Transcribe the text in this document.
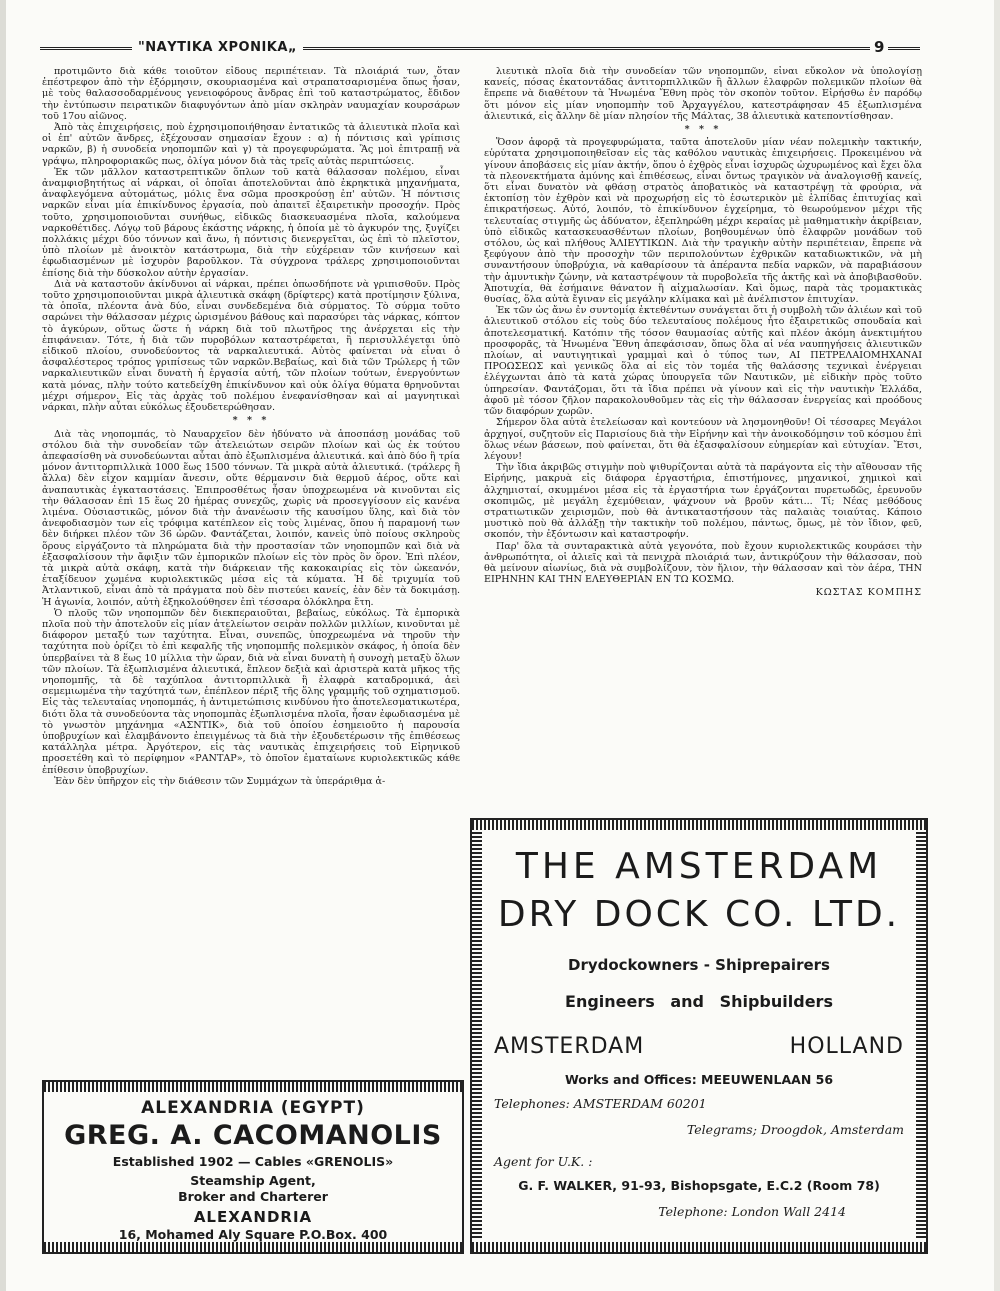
"ΝΑΥΤΙΚΑ ΧΡΟΝΙΚΑ„	9

προτιμῶντο διὰ κάθε τοιοῦτον εἶδους περιπέτειαν. Τὰ πλοιάριά των, ὅταν ἐπέστρεφον ἀπὸ τὴν ἐξόρμησιν, σκουριασμένα καὶ στραπατσαρισμένα ὅπως ἦσαν, μὲ τοὺς θαλασσοδαρμένους γενειοφόρους ἄνδρας ἐπὶ τοῦ καταστρώματος, ἔδιδον τὴν ἐντύπωσιν πειρατικῶν διαφυγόντων ἀπὸ μίαν σκληρὰν ναυμαχίαν κουρσάρων τοῦ 17ου αἰῶνος.

Ἀπὸ τὰς ἐπιχειρήσεις, ποὺ ἐχρησιμοποιήθησαν ἐντατικῶς τὰ ἁλιευτικὰ πλοῖα καὶ οἱ ἐπ' αὐτῶν ἄνδρες, ἐξέχουσαν σημασίαν ἔχουν : α) ἡ πόντισις καὶ γρίπισις ναρκῶν, β) ἡ συνοδεία νηοπομπῶν καὶ γ) τὰ προγεφυρώματα. Ἂς μοὶ ἐπιτραπῇ νὰ γράψω, πληροφοριακῶς πως, ὀλίγα μόνον διὰ τὰς τρεῖς αὐτὰς περιπτώσεις.

Ἐκ τῶν μᾶλλον καταστρεπτικῶν ὅπλων τοῦ κατὰ θάλασσαν πολέμου, εἶναι ἀναμφισβητήτως αἱ νάρκαι, οἱ ὁποῖαι ἀποτελοῦνται ἀπὸ ἐκρηκτικὰ μηχανήματα, ἀναφλεγόμενα αὐτομάτως, μόλις ἕνα σῶμα προσκρούσῃ ἐπ' αὐτῶν. Ἡ πόντισις ναρκῶν εἶναι μία ἐπικίνδυνος ἐργασία, ποὺ ἀπαιτεῖ ἐξαιρετικὴν προσοχήν. Πρὸς τοῦτο, χρησιμοποιοῦνται συνήθως, εἰδικῶς διασκευασμένα πλοῖα, καλούμενα ναρκοθέτιδες. Λόγῳ τοῦ βάρους ἑκάστης νάρκης, ἡ ὁποία μὲ τὸ ἀγκυρόν της, ξυγίζει πολλάκις μέχρι δύο τόννων καὶ ἄνω, ἡ πόντισις διενεργεῖται, ὡς ἐπὶ τὸ πλεῖστον, ὑπὸ πλοίων μὲ ἀνοικτὸν κατάστρωμα, διὰ τὴν εὐχέρειαν τῶν κινήσεων καὶ ἐφωδιασμένων μὲ ἰσχυρὸν βαροῦλκον. Τὰ σύγχρονα τράλερς χρησιμοποιοῦνται ἐπίσης διὰ τὴν δύσκολον αὐτὴν ἐργασίαν.

Διὰ νὰ καταστοῦν ἀκίνδυνοι αἱ νάρκαι, πρέπει ὁπωσδήποτε νὰ γριπισθοῦν. Πρὸς τοῦτο χρησιμοποιοῦνται μικρὰ ἁλιευτικὰ σκάφη (δρίφτερς) κατὰ προτίμησιν ξύλινα, τὰ ὁποῖα, πλέοντα ἀνὰ δύο, εἶναι συνδεδεμένα διὰ σύρματος. Τὸ σύρμα τοῦτο σαρώνει τὴν θάλασσαν μέχρις ὡρισμένου βάθους καὶ παρασύρει τὰς νάρκας, κόπτον τὸ ἀγκύρων, οὕτως ὥστε ἡ νάρκη διὰ τοῦ πλωτῆρος της ἀνέρχεται εἰς τὴν ἐπιφάνειαν. Τότε, ἡ διὰ τῶν πυροβόλων καταστρέφεται, ἢ περισυλλέγεται ὑπὸ εἰδικοῦ πλοίου, συνοδεύοντος τὰ ναρκαλιευτικά. Αὐτὸς φαίνεται νὰ εἶναι ὁ ἀσφαλέστερος τρόπος γριπίσεως τῶν ναρκῶν.Βεβαίως, καὶ διὰ τῶν Τρώλερς ἡ τῶν ναρκαλιευτικῶν εἶναι δυνατὴ ἡ ἐργασία αὐτή, τῶν πλοίων τούτων, ἐνεργούντων κατὰ μόνας, πλὴν τούτο κατεδείχθη ἐπικίνδυνον καὶ οὐκ ὀλίγα θύματα θρηνοῦνται μέχρι σήμερον. Εἰς τὰς ἀρχὰς τοῦ πολέμου ἐνεφανίσθησαν καὶ αἱ μαγνητικαὶ νάρκαι, πλὴν αὗται εὐκόλως ἐξουδετερώθησαν.

* * *

Διὰ τὰς νηοπομπάς, τὸ Ναυαρχεῖον δὲν ἠδύνατο νὰ ἀποσπάσῃ μονάδας τοῦ στόλου διὰ τὴν συνοδείαν τῶν ἀτελειώτων σειρῶν πλοίων καὶ ὡς ἐκ τούτου ἀπεφασίσθη νὰ συνοδεύωνται αὗται ἀπὸ ἐξωπλισμένα ἁλιευτικά. καὶ ἀπὸ δύο ἢ τρία μόνον ἀντιτορπιλλικὰ 1000 ἕως 1500 τόννων. Τὰ μικρὰ αὐτὰ ἁλιευτικά. (τράλερς ἢ ἄλλα) δὲν εἶχον καμμίαν ἄνεσιν, οὔτε θέρμανσιν διὰ θερμοῦ ἀέρος, οὔτε καὶ ἀναπαυτικὰς ἐγκαταστάσεις. Ἐπιπροσθέτως ἦσαν ὑποχρεωμένα νὰ κινοῦνται εἰς τὴν θάλασσαν ἐπὶ 15 ἕως 20 ἡμέρας συνεχῶς, χωρὶς νὰ προσεγγίσουν εἰς κανένα λιμένα. Οὐσιαστικῶς, μόνον διὰ τὴν ἀνανέωσιν τῆς καυσίμου ὕλης, καὶ διὰ τὸν ἀνεφοδιασμὸν των εἰς τρόφιμα κατέπλεον εἰς τοὺς λιμένας, ὅπου ἡ παραμονή των δὲν διήρκει πλέον τῶν 36 ὡρῶν. Φαντάζεται, λοιπόν, κανεὶς ὑπὸ ποίους σκληροὺς ὅρους εἰργάζοντο τὰ πληρώματα διὰ τὴν προστασίαν τῶν νηοπομπῶν καὶ διὰ νὰ ἐξασφαλίσουν τὴν ἄφιξιν τῶν ἐμπορικῶν πλοίων εἰς τὸν πρὸς ὃν ὅρον. Ἐπὶ πλέον, τὰ μικρὰ αὐτὰ σκάφη, κατὰ τὴν διάρκειαν τῆς κακοκαιρίας εἰς τὸν ὠκεανόν, ἐταξίδευον χωμένα κυριολεκτικῶς μέσα εἰς τὰ κύματα. Ἡ δὲ τριχυμία τοῦ Ἀτλαντικοῦ, εἶναι ἀπὸ τὰ πράγματα ποὺ δὲν πιστεύει κανείς, ἐὰν δὲν τὰ δοκιμάσῃ. Ἡ ἀγωνία, λοιπόν, αὐτὴ ἐξηκολούθησεν ἐπὶ τέσσαρα ὁλόκληρα ἔτη.

Ὁ πλοῦς τῶν νηοπομπῶν δὲν διεκπεραιοῦται, βεβαίως, εὐκόλως. Τὰ ἐμπορικὰ πλοῖα ποὺ τὴν ἀποτελοῦν εἰς μίαν ἀτελείωτον σειρὰν πολλῶν μιλλίων, κινοῦνται μὲ διάφορον μεταξύ των ταχύτητα. Εἶναι, συνεπῶς, ὑποχρεωμένα νὰ τηροῦν τὴν ταχύτητα ποὺ ὁρίζει τὸ ἐπὶ κεφαλῆς τῆς νηοπομπῆς πολεμικὸν σκάφος, ἡ ὁποία δὲν ὑπερβαίνει τὰ 8 ἕως 10 μίλλια τὴν ὥραν, διὰ νὰ εἶναι δυνατὴ ἡ συνοχὴ μεταξὺ ὅλων τῶν πλοίων. Τὰ ἐξωπλισμένα ἁλιευτικά, ἔπλεον δεξιὰ καὶ ἀριστερὰ κατὰ μῆκος τῆς νηοπομπῆς, τὰ δὲ ταχύπλοα ἀντιτορπιλλικὰ ἢ ἐλαφρὰ καταδρομικά, ἀεὶ σεμεμιωμένα τὴν ταχύτητά των, ἐπέπλεον πέριξ τῆς ὅλης γραμμῆς τοῦ σχηματισμοῦ. Εἰς τὰς τελευταίας νηοπομπάς, ἡ ἀντιμετώπισις κινδύνου ἦτο ἀποτελεσματικωτέρα, διότι ὅλα τὰ συνοδεύοντα τὰς νηοπομπὰς ἐξωπλισμένα πλοῖα, ἦσαν ἐφωδιασμένα μὲ τὸ γνωστὸν μηχάνημα «ΑΣΝΤΙΚ», διὰ τοῦ ὁποίου ἐσημειοῦτο ἡ παρουσία ὑποβρυχίων καὶ ἐλαμβάνοντο ἐπειγμένως τὰ διὰ τὴν ἐξουδετέρωσιν τῆς ἐπιθέσεως κατάλληλα μέτρα. Ἀργότερον, εἰς τὰς ναυτικὰς ἐπιχειρήσεις τοῦ Εἰρηνικοῦ προσετέθη καὶ τὸ περίφημον «ΡΑΝΤΑΡ», τὸ ὁποῖον ἐματαίωνε κυριολεκτικῶς κάθε ἐπίθεσιν ὑποβρυχίων.

Ἐὰν δὲν ὑπῆρχον εἰς τὴν διάθεσιν τῶν Συμμάχων τὰ ὑπεράριθμα ἁ-

λιευτικὰ πλοῖα διὰ τὴν συνοδείαν τῶν νηοπομπῶν, εἶναι εὔκολον νὰ ὑπολογίσῃ κανείς, πόσας ἑκατοντάδας ἀντιτορπιλλικῶν ἢ ἄλλων ἐλαφρῶν πολεμικῶν πλοίων θὰ ἔπρεπε νὰ διαθέτουν τὰ Ἡνωμένα Ἔθνη πρὸς τὸν σκοπὸν τοῦτον. Εἰρήσθω ἐν παρόδῳ ὅτι μόνον εἰς μίαν νηοπομπὴν τοῦ Ἀρχαγγέλου, κατεστράφησαν 45 ἐξωπλισμένα ἁλιευτικά, εἰς ἄλλην δὲ μίαν πλησίον τῆς Μάλτας, 38 ἁλιευτικὰ κατεποντίσθησαν.

* * *

Ὅσον ἀφορᾷ τὰ προγεφυρώματα, ταῦτα ἀποτελοῦν μίαν νέαν πολεμικὴν τακτικήν, εὑρύτατα χρησιμοποιηθεῖσαν εἰς τὰς καθόλου ναυτικὰς ἐπιχειρήσεις. Προκειμένου νὰ γίνουν ἀποβάσεις εἰς μίαν ἀκτήν, ὅπου ὁ ἐχθρὸς εἶναι ἰσχυρῶς ὠχυρωμένος καὶ ἔχει ὅλα τὰ πλεονεκτήματα ἀμύνης καὶ ἐπιθέσεως, εἶναι ὄντως τραγικὸν νὰ ἀναλογισθῇ κανείς, ὅτι εἶναι δυνατὸν νὰ φθάσῃ στρατὸς ἀποβατικὸς νὰ καταστρέψῃ τὰ φρούρια, νὰ ἐκτοπίσῃ τὸν ἐχθρὸν καὶ νὰ προχωρήσῃ εἰς τὸ ἐσωτερικὸν μὲ ἐλπίδας ἐπιτυχίας καὶ ἐπικρατήσεως. Αὐτό, λοιπόν, τὸ ἐπικίνδυνον ἐγχείρημα, τὸ θεωρούμενον μέχρι τῆς τελευταίας στιγμῆς ὡς ἀδύνατον, ἐξεπληρώθη μέχρι κεραίας μὲ μαθηματικὴν ἀκρίβειαν, ὑπὸ εἰδικῶς κατασκευασθέντων πλοίων, βοηθουμένων ὑπὸ ἐλαφρῶν μονάδων τοῦ στόλου, ὡς καὶ πλήθους ἉΛΙΕΥΤΙΚΩΝ. Διὰ τὴν τραγικὴν αὐτὴν περιπέτειαν, ἔπρεπε νὰ ξεφύγουν ἀπὸ τὴν προσοχὴν τῶν περιπολούντων ἐχθρικῶν καταδιωκτικῶν, νὰ μὴ συναντήσουν ὑποβρύχια, νὰ καθαρίσουν τὰ ἀπέραντα πεδία ναρκῶν, νὰ παραβιάσουν τὴν ἀμυντικὴν ζώνην, νὰ καταστρέψουν τὰ πυροβολεῖα τῆς ἀκτῆς καὶ νὰ ἀποβιβασθοῦν. Ἀποτυχία, θὰ ἐσήμαινε θάνατον ἢ αἰχμαλωσίαν. Καὶ ὅμως, παρὰ τὰς τρομακτικὰς θυσίας, ὅλα αὐτὰ ἔγιναν εἰς μεγάλην κλίμακα καὶ μὲ ἀνέλπιστον ἐπιτυχίαν.

Ἐκ τῶν ὡς ἄνω ἐν συντομίᾳ ἐκτεθέντων συνάγεται ὅτι ἡ συμβολὴ τῶν ἁλιέων καὶ τοῦ ἁλιευτικοῦ στόλου εἰς τοὺς δύο τελευταίους πολέμους ἦτο ἐξαιρετικῶς σπουδαία καὶ ἀποτελεσματική. Κατόπιν τῆς τόσον θαυμασίας αὐτῆς καὶ πλέον ἀκόμη ἀνεκτιμήτου προσφορᾶς, τὰ Ἡνωμένα Ἔθνη ἀπεφάσισαν, ὅπως ὅλα αἱ νέα ναυπηγήσεις ἁλιευτικῶν πλοίων, αἱ ναυτιγητικαὶ γραμμαὶ καὶ ὁ τύπος των, ΑΙ ΠΕΤΡΕΛΑΙΟΜΗΧΑΝΑΙ ΠΡΟΩΣΕΩΣ καὶ γενικῶς ὅλα αἱ εἰς τὸν τομέα τῆς θαλάσσης τεχνικαὶ ἐνέργειαι ἐλέγχωνται ἀπὸ τὰ κατὰ χώρας ὑπουργεῖα τῶν Ναυτικῶν, μὲ εἰδικὴν πρὸς τοῦτο ὑπηρεσίαν. Φαντάζομαι, ὅτι τὰ ἴδια πρέπει νὰ γίνουν καὶ εἰς τὴν ναυτικὴν Ἑλλάδα, ἀφοῦ μὲ τόσον ζῆλον παρακολουθοῦμεν τὰς εἰς τὴν θάλασσαν ἐνεργείας καὶ προόδους τῶν διαφόρων χωρῶν.

Σήμερον ὅλα αὐτὰ ἐτελείωσαν καὶ κοντεύουν νὰ λησμονηθοῦν! Οἱ τέσσαρες Μεγάλοι ἀρχηγοί, συζητοῦν εἰς Παρισίους διὰ τὴν Εἰρήνην καὶ τὴν ἀνοικοδόμησιν τοῦ κόσμου ἐπὶ ὅλως νέων βάσεων, ποὺ φαίνεται, ὅτι θὰ ἐξασφαλίσουν εὐημερίαν καὶ εὐτυχίαν. Ἔτσι, λέγουν!

Τὴν ἴδια ἀκριβῶς στιγμὴν ποὺ ψιθυρίζονται αὐτὰ τὰ παράγοντα εἰς τὴν αἴθουσαν τῆς Εἰρήνης, μακρυὰ εἰς διάφορα ἐργαστήρια, ἐπιστήμονες, μηχανικοί, χημικοὶ καὶ ἀλχημισταί, σκυμμένοι μέσα εἰς τὰ ἐργαστήρια των ἐργάζονται πυρετωδῶς, ἐρευνοῦν σκοπιμῶς, μὲ μεγάλη ἐχεμύθειαν, ψάχνουν νὰ βροῦν κάτι... Τί; Νέας μεθόδους στρατιωτικῶν χειρισμῶν, ποὺ θὰ ἀντικαταστήσουν τὰς παλαιὰς τοιαύτας. Κάποιο μυστικὸ ποὺ θὰ ἀλλάξῃ τὴν τακτικὴν τοῦ πολέμου, πάντως, ὅμως, μὲ τὸν ἴδιον, φεῦ, σκοπόν, τὴν ἐξόντωσιν καὶ καταστροφήν.

Παρ' ὅλα τὰ συνταρακτικὰ αὐτὰ γεγονότα, ποὺ ἔχουν κυριολεκτικῶς κουράσει τὴν ἀνθρωπότητα, οἱ ἁλιεῖς καὶ τὰ πενιχρὰ πλοιάριά των, ἀντικρύζουν τὴν θάλασσαν, ποὺ θὰ μείνουν αἰωνίως, διὰ νὰ συμβολίζουν, τὸν ἥλιον, τὴν θάλασσαν καὶ τὸν ἀέρα, ΤΗΝ ΕΙΡΗΝΗΝ ΚΑΙ ΤΗΝ ΕΛΕΥΘΕΡΙΑΝ ΕΝ ΤΩ ΚΟΣΜΩ.

ΚΩΣΤΑΣ ΚΟΜΠΗΣ

ALEXANDRIA (EGYPT)
GREG. A. CACOMANOLIS
Established 1902 — Cables «GRENOLIS»
Steamship Agent,
Broker and Charterer
ALEXANDRIA
16, Mohamed Aly Square P.O.Box. 400
THE AMSTERDAM
DRY DOCK CO. LTD.
Drydockowners - Shiprepairers
Engineers and Shipbuilders
AMSTERDAM	HOLLAND
Works and Offices: MEEUWENLAAN 56
Telephones: AMSTERDAM 60201
Telegrams; Droogdok, Amsterdam
Agent for U.K. :
G. F. WALKER, 91-93, Bishopsgate, E.C.2 (Room 78)
Telephone: London Wall 2414
